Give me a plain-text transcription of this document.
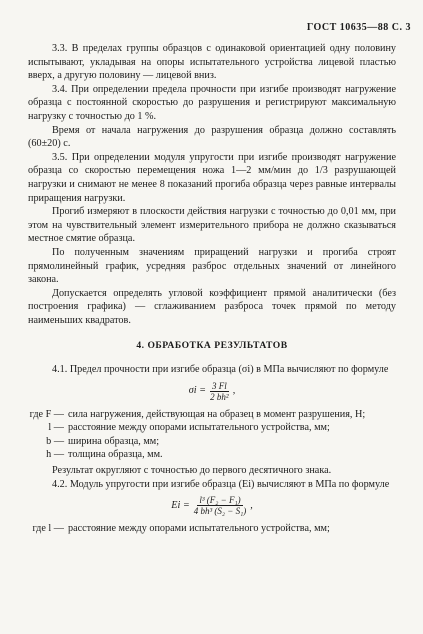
ГОСТ 10635—88 С. 3

3.3. В пределах группы образцов с одинаковой ориентацией одну половину испытывают, укладывая на опоры испытательного устройства лицевой пластью вверх, а другую половину — лицевой вниз.

3.4. При определении предела прочности при изгибе производят нагружение образца с постоянной скоростью до разрушения и регистрируют максимальную нагрузку с точностью до 1 %.

Время от начала нагружения до разрушения образца должно составлять (60±20) с.

3.5. При определении модуля упругости при изгибе производят нагружение образца со скоростью перемещения ножа 1—2 мм/мин до 1/3 разрушающей нагрузки и снимают не менее 8 показаний прогиба образца через равные интервалы приращения нагрузки.

Прогиб измеряют в плоскости действия нагрузки с точностью до 0,01 мм, при этом на чувствительный элемент измерительного прибора не должно сказываться местное смятие образца.

По полученным значениям приращений нагрузки и прогиба строят прямолинейный график, усредняя разброс отдельных значений от линейного закона.

Допускается определять угловой коэффициент прямой аналитически (без построения графика) — сглаживанием разброса точек прямой по методу наименьших квадратов.

4. ОБРАБОТКА РЕЗУЛЬТАТОВ

4.1. Предел прочности при изгибе образца (σi) в МПа вычисляют по формуле

$\sigma i = \frac{3 Fl}{\text{2 bh²}}$ ,
где F — сила нагружения, действующая на образец в момент разрушения, Н;
l — расстояние между опорами испытательного устройства, мм;
b — ширина образца, мм;
h — толщина образца, мм.

Результат округляют с точностью до первого десятичного знака.

4.2. Модуль упругости при изгибе образца (Ei) вычисляют в МПа по формуле

$Ei = \frac{\text{l³ (F₂ − F₁)}}{\text{4 bh³ (S₂ − S₁)}}$ ,
где l — расстояние между опорами испытательного устройства, мм;
